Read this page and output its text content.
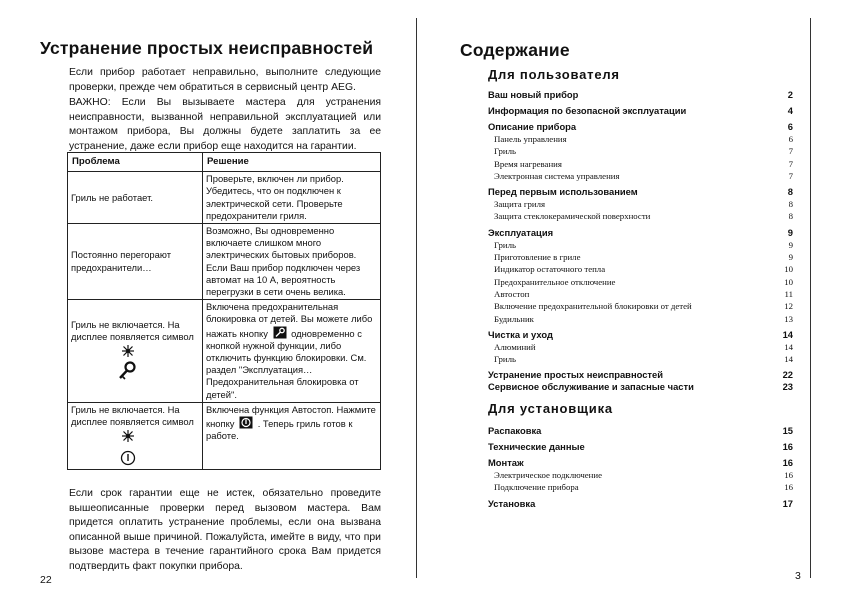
Устранение простых неисправностей
Если прибор работает неправильно, выполните следующие проверки, прежде чем обратиться в сервисный центр AEG.
ВАЖНО: Если Вы вызываете мастера для устранения неисправности, вызванной неправильной эксплуатацией или монтажом прибора, Вы должны будете заплатить за ее устранение, даже если прибор еще находится на гарантии.
Проблема	Решение
Гриль не работает.	Проверьте, включен ли прибор. Убедитесь, что он подключен к электрической сети. Проверьте предохранители гриля.
Постоянно перегорают предохранители…	Возможно, Вы одновременно включаете слишком много электрических бытовых приборов. Если Ваш прибор подключен через автомат на 10 А, вероятность перегрузки в сети очень велика.
Гриль не включается. На дисплее появляется символ	Включена предохранительная блокировка от детей. Вы можете либо нажать кнопку одновременно с кнопкой нужной функции, либо отключить функцию блокировки. См. раздел "Эксплуатация…Предохранительная блокировка от детей".
Гриль не включается. На дисплее появляется символ	Включена функция Автостоп. Нажмите кнопку . Теперь гриль готов к работе.
Если срок гарантии еще не истек, обязательно проведите вышеописанные проверки перед вызовом мастера. Вам придется оплатить устранение проблемы, если она вызвана описанной выше причиной. Пожалуйста, имейте в виду, что при вызове мастера в течение гарантийного срока Вам придется подтвердить факт покупки прибора.
22
Содержание
Для пользователя
Ваш новый прибор	2
Информация по безопасной эксплуатации	4
Описание прибора	6
Панель управления	6
Гриль	7
Время нагревания	7
Электронная система управления	7
Перед первым использованием	8
Защита гриля	8
Защита стеклокерамической поверхности	8
Эксплуатация	9
Гриль	9
Приготовление в гриле	9
Индикатор остаточного тепла	10
Предохранительное отключение	10
Автостоп	11
Включение предохранительной блокировки от детей	12
Будильник	13
Чистка и уход	14
Алюминий	14
Гриль	14
Устранение простых неисправностей	22
Сервисное обслуживание и запасные части	23
Для установщика
Распаковка	15
Технические данные	16
Монтаж	16
Электрическое подключение	16
Подключение прибора	16
Установка	17
3
